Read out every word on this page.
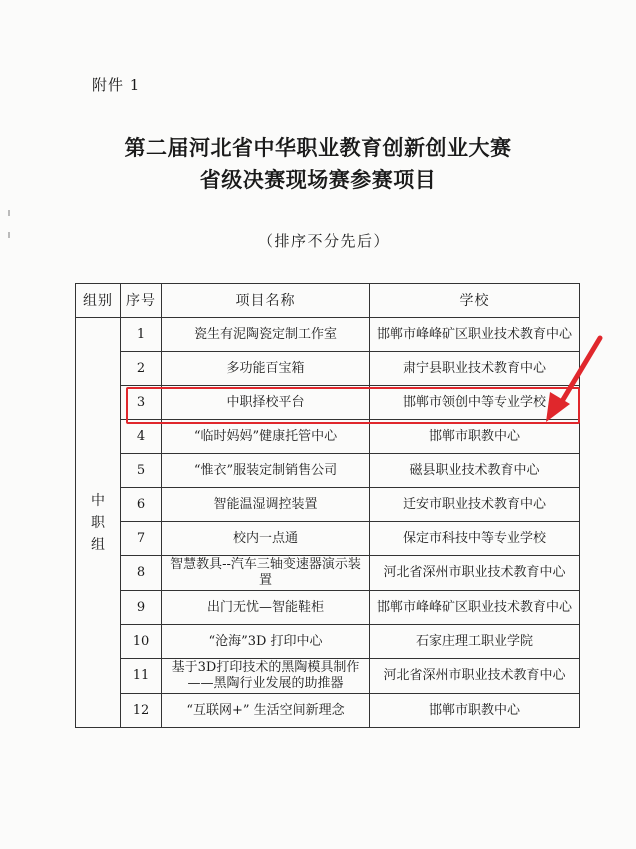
附件 1
第二届河北省中华职业教育创新创业大赛
省级决赛现场赛参赛项目
（排序不分先后）
组别	序号	项目名称	学校

中
职
组	1	瓷生有泥陶瓷定制工作室	邯郸市峰峰矿区职业技术教育中心
	2	多功能百宝箱	肃宁县职业技术教育中心
	3	中职择校平台	邯郸市领创中等专业学校
	4	“临时妈妈”健康托管中心	邯郸市职教中心
	5	“惟衣”服装定制销售公司	磁县职业技术教育中心
	6	智能温湿调控装置	迁安市职业技术教育中心
	7	校内一点通	保定市科技中等专业学校
	8	智慧教具--汽车三轴变速器演示装置	河北省深州市职业技术教育中心
	9	出门无忧—智能鞋柜	邯郸市峰峰矿区职业技术教育中心
	10	“沧海”3D 打印中心	石家庄理工职业学院
	11	基于3D打印技术的黑陶模具制作——黑陶行业发展的助推器	河北省深州市职业技术教育中心
	12	“互联网+” 生活空间新理念	邯郸市职教中心
